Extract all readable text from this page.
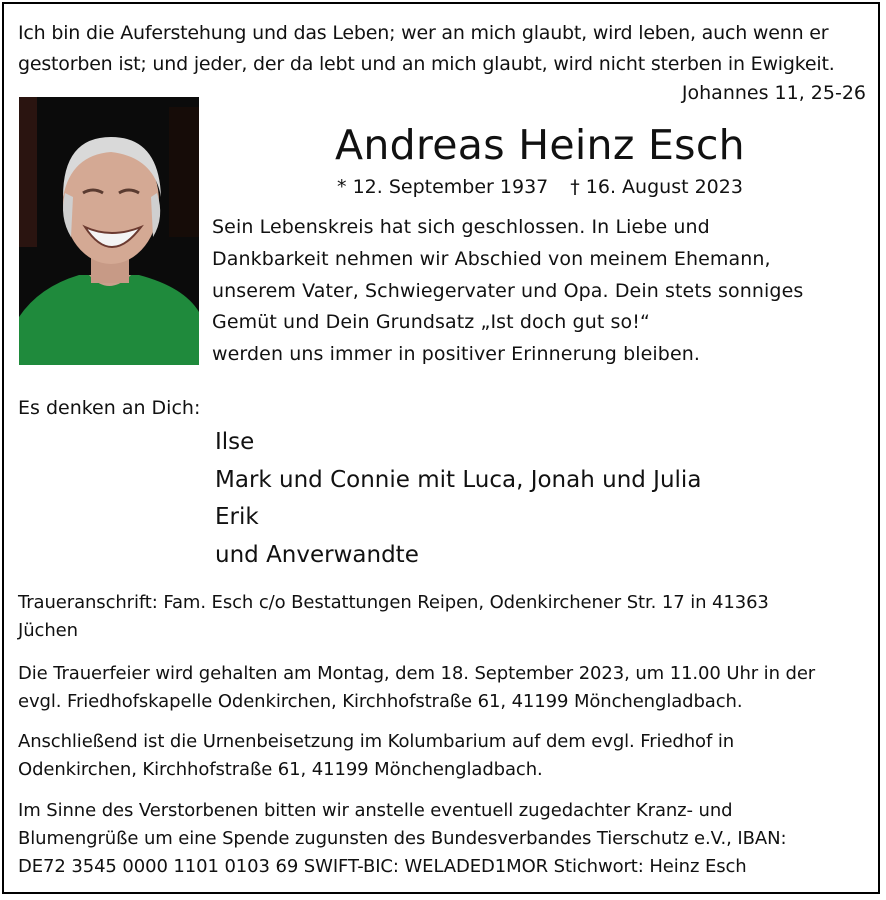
Ich bin die Auferstehung und das Leben; wer an mich glaubt, wird leben, auch wenn er
gestorben ist; und jeder, der da lebt und an mich glaubt, wird nicht sterben in Ewigkeit.
Johannes 11, 25-26
Andreas Heinz Esch
* 12. September 1937 † 16. August 2023
Sein Lebenskreis hat sich geschlossen. In Liebe und
Dankbarkeit nehmen wir Abschied von meinem Ehemann,
unserem Vater, Schwiegervater und Opa. Dein stets sonniges
Gemüt und Dein Grundsatz „Ist doch gut so!“
werden uns immer in positiver Erinnerung bleiben.
Es denken an Dich:
Ilse
Mark und Connie mit Luca, Jonah und Julia
Erik
und Anverwandte
Traueranschrift: Fam. Esch c/o Bestattungen Reipen, Odenkirchener Str. 17 in 41363
Jüchen
Die Trauerfeier wird gehalten am Montag, dem 18. September 2023, um 11.00 Uhr in der
evgl. Friedhofskapelle Odenkirchen, Kirchhofstraße 61, 41199 Mönchengladbach.
Anschließend ist die Urnenbeisetzung im Kolumbarium auf dem evgl. Friedhof in
Odenkirchen, Kirchhofstraße 61, 41199 Mönchengladbach.
Im Sinne des Verstorbenen bitten wir anstelle eventuell zugedachter Kranz- und
Blumengrüße um eine Spende zugunsten des Bundesverbandes Tierschutz e.V., IBAN:
DE72 3545 0000 1101 0103 69 SWIFT-BIC: WELADED1MOR Stichwort: Heinz Esch
